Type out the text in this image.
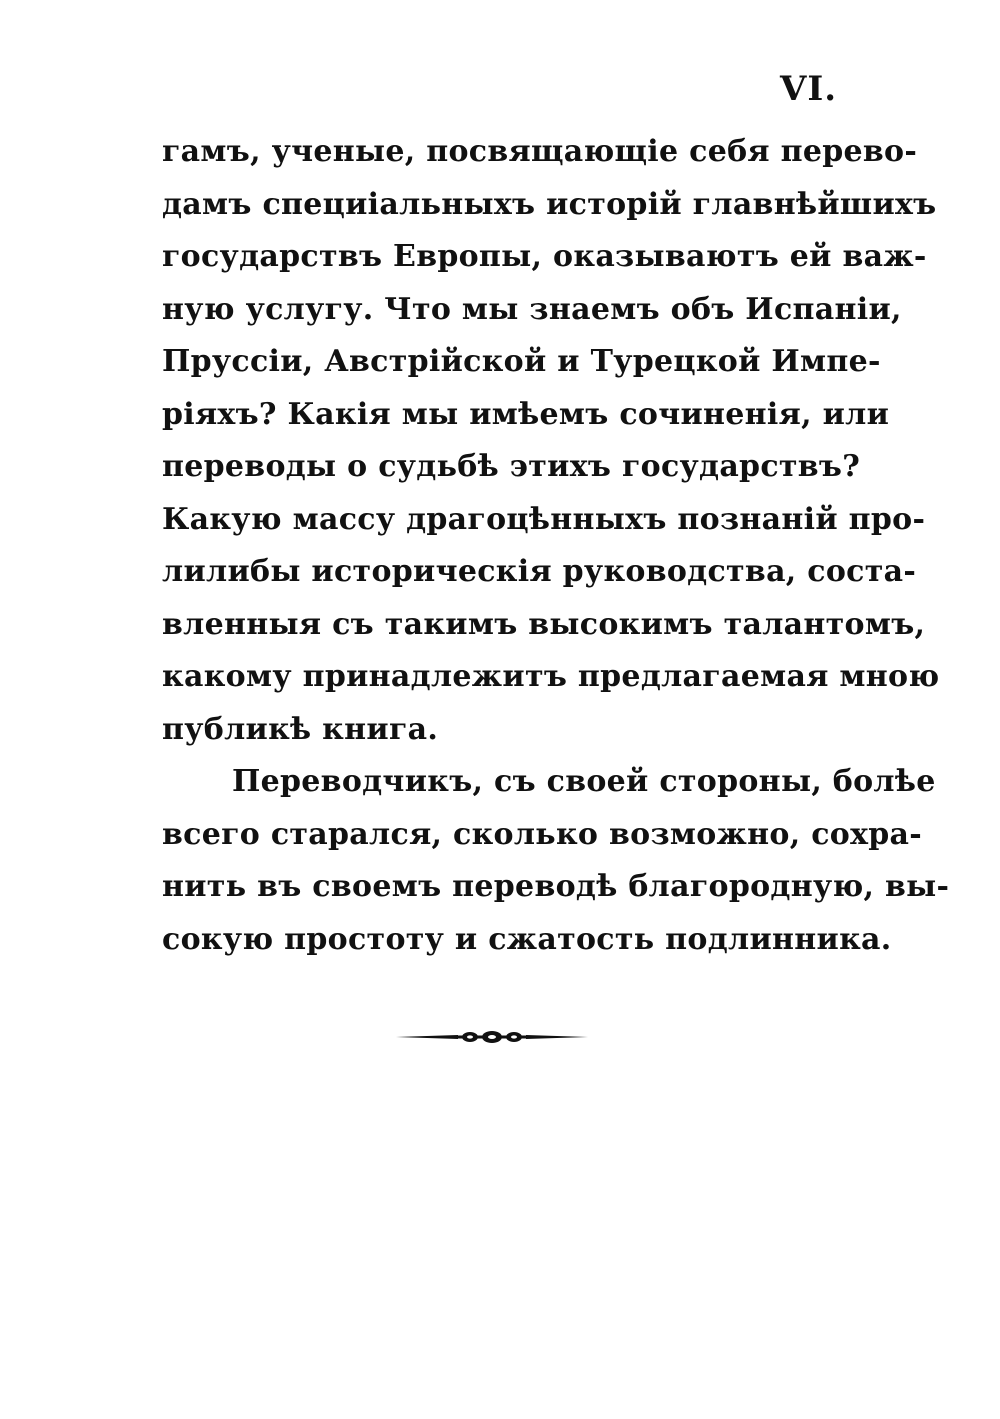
VI.
гамъ, ученые, посвящающіе себя перево-
дамъ специіальныхъ исторій главнѣйшихъ
государствъ Европы, оказываютъ ей важ-
ную услугу. Что мы знаемъ объ Испаніи,
Пруссіи, Австрійской и Турецкой Импе-
ріяхъ? Какія мы имѣемъ сочиненія, или
переводы о судьбѣ этихъ государствъ?
Какую массу драгоцѣнныхъ познаній про-
лилибы историческія руководства, соста-
вленныя съ такимъ высокимъ талантомъ,
какому принадлежитъ предлагаемая мною
публикѣ книга.
Переводчикъ, съ своей стороны, болѣе
всего старался, сколько возможно, сохра-
нить въ своемъ переводѣ благородную, вы-
сокую простоту и сжатость подлинника.
